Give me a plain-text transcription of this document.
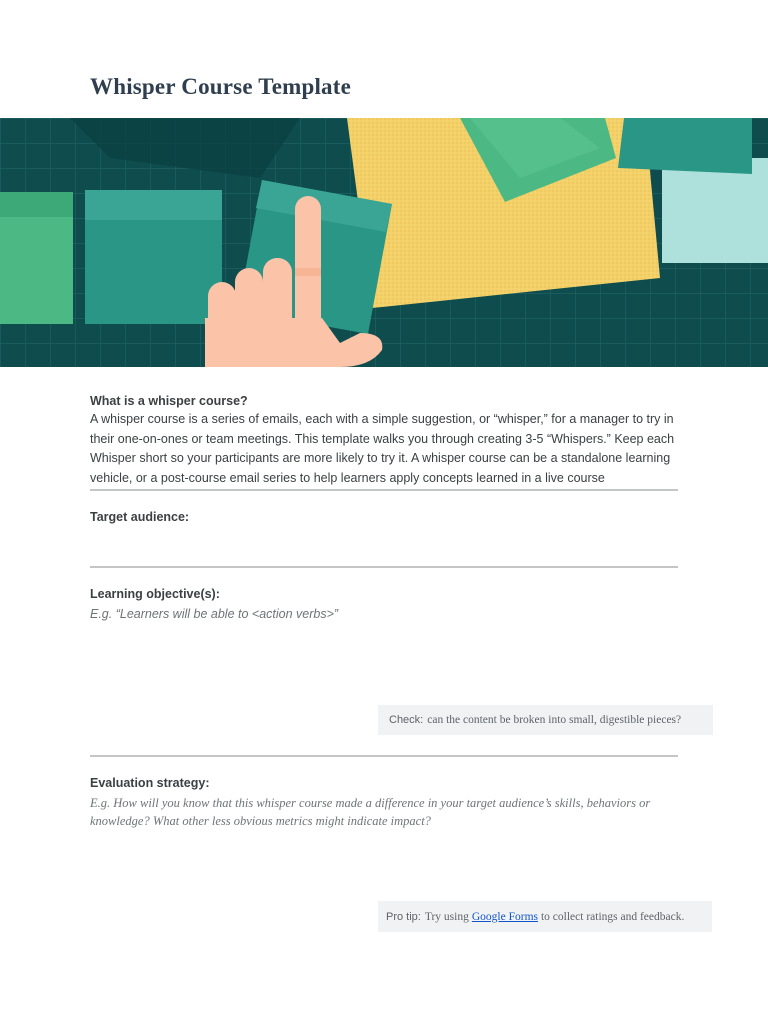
Whisper Course Template

What is a whisper course?

A whisper course is a series of emails, each with a simple suggestion, or “whisper,” for a manager to try in their one-on-ones or team meetings. This template walks you through creating 3-5 “Whispers.” Keep each Whisper short so your participants are more likely to try it. A whisper course can be a standalone learning vehicle, or a post-course email series to help learners apply concepts learned in a live course

Target audience:

Learning objective(s):

E.g. “Learners will be able to <action verbs>”

Check: can the content be broken into small, digestible pieces?

Evaluation strategy:

E.g. How will you know that this whisper course made a difference in your target audience’s skills, behaviors or knowledge? What other less obvious metrics might indicate impact?

Pro tip: Try using Google Forms to collect ratings and feedback.
